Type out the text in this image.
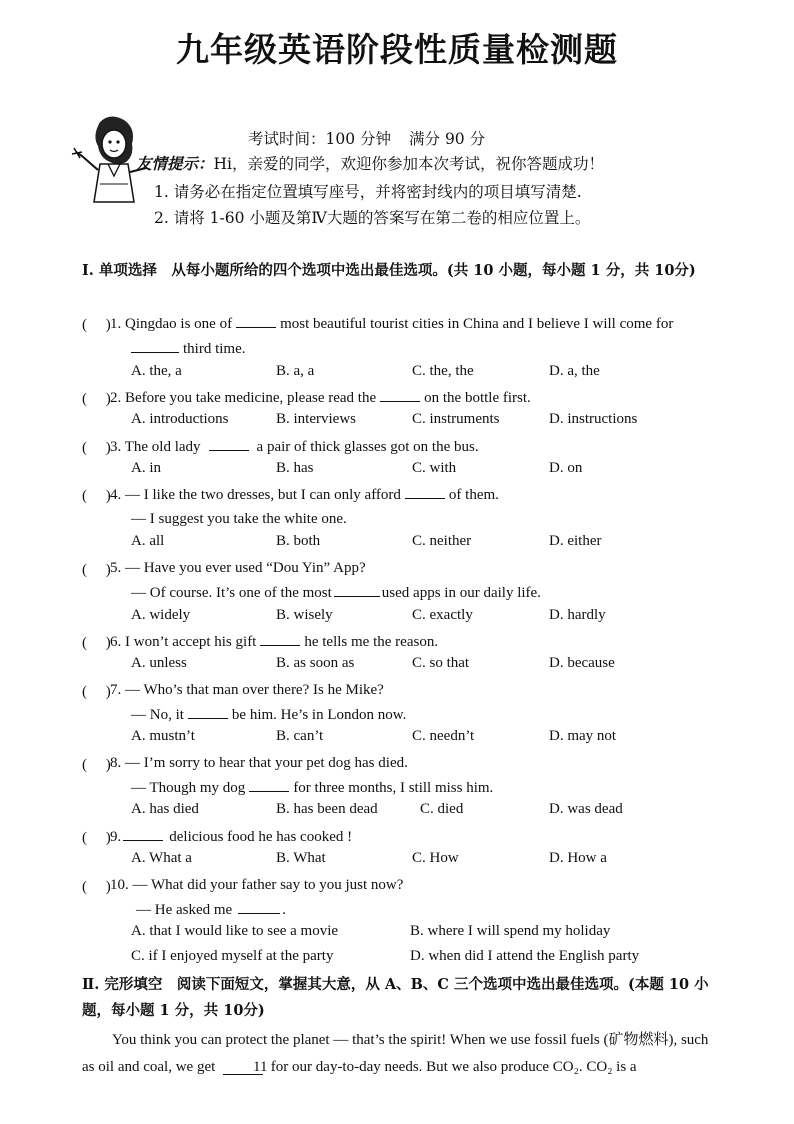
九年级英语阶段性质量检测题
考试时间：100 分钟 满分 90 分
友情提示：Hi，亲爱的同学，欢迎你参加本次考试，祝你答题成功！
1. 请务必在指定位置填写座号，并将密封线内的项目填写清楚.
2. 请将 1-60 小题及第Ⅳ大题的答案写在第二卷的相应位置上。
Ⅰ. 单项选择　从每小题所给的四个选项中选出最佳选项。(共 10 小题，每小题 1 分，共 10分)
(　 ) 1. Qingdao is one of	most beautiful tourist cities in China and I believe I will come for
third time.
A. the, a	B. a, a	C. the, the	D. a, the
(　 ) 2. Before you take medicine, please read the	on the bottle first.
A. introductions	B. interviews	C. instruments	D. instructions
(　 ) 3. The old lady	a pair of thick glasses got on the bus.
A. in	B. has	C. with	D. on
(　 ) 4. — I like the two dresses, but I can only afford	of them.
— I suggest you take the white one.
A. all	B. both	C. neither	D. either
(　 ) 5. — Have you ever used “Dou Yin” App?
— Of course. It’s one of the most	used apps in our daily life.
A. widely	B. wisely	C. exactly	D. hardly
(　 ) 6. I won’t accept his gift	he tells me the reason.
A. unless	B. as soon as	C. so that	D. because
(　 ) 7. — Who’s that man over there? Is he Mike?
— No, it	be him. He’s in London now.
A. mustn’t	B. can’t	C. needn’t	D. may not
(　 ) 8. — I’m sorry to hear that your pet dog has died.
— Though my dog	for three months, I still miss him.
A. has died	B. has been dead	C. died	D. was dead
(　 ) 9.	delicious food he has cooked !
A. What a	B. What	C. How	D. How a
(　 ) 10. — What did your father say to you just now?
— He asked me	.
A. that I would like to see a movie	B. where I will spend my holiday
C. if I enjoyed myself at the party	D. when did I attend the English party
Ⅱ. 完形填空　阅读下面短文，掌握其大意，从 A、B、C 三个选项中选出最佳选项。(本题 10 小题，每小题 1 分，共 10分)
You think you can protect the planet — that’s the spirit! When we use fossil fuels (矿物燃料), such as oil and coal, we get	11 for our day-to-day needs. But we also produce CO₂. CO₂ is a
